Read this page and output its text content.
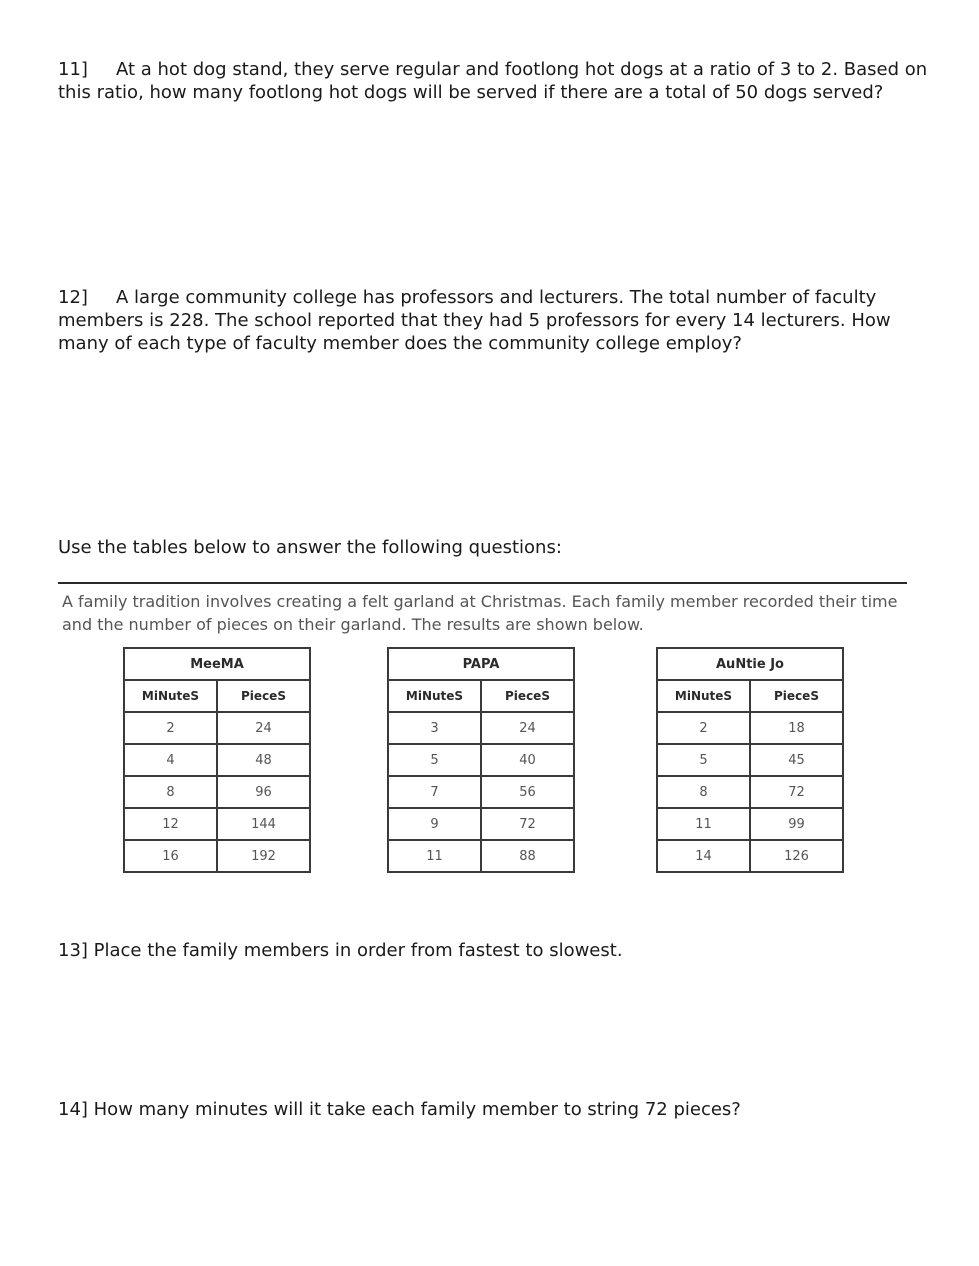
11] At a hot dog stand, they serve regular and footlong hot dogs at a ratio of 3 to 2. Based on this ratio, how many footlong hot dogs will be served if there are a total of 50 dogs served?

12] A large community college has professors and lecturers. The total number of faculty members is 228. The school reported that they had 5 professors for every 14 lecturers. How many of each type of faculty member does the community college employ?

Use the tables below to answer the following questions:

A family tradition involves creating a felt garland at Christmas. Each family member recorded their time and the number of pieces on their garland. The results are shown below.

MeeMA	
MiNuteS	PieceS
2	24
4	48
8	96
12	144
16	192
PAPA	
MiNuteS	PieceS
3	24
5	40
7	56
9	72
11	88
AuNtie Jo	
MiNuteS	PieceS
2	18
5	45
8	72
11	99
14	126

13] Place the family members in order from fastest to slowest.

14] How many minutes will it take each family member to string 72 pieces?
